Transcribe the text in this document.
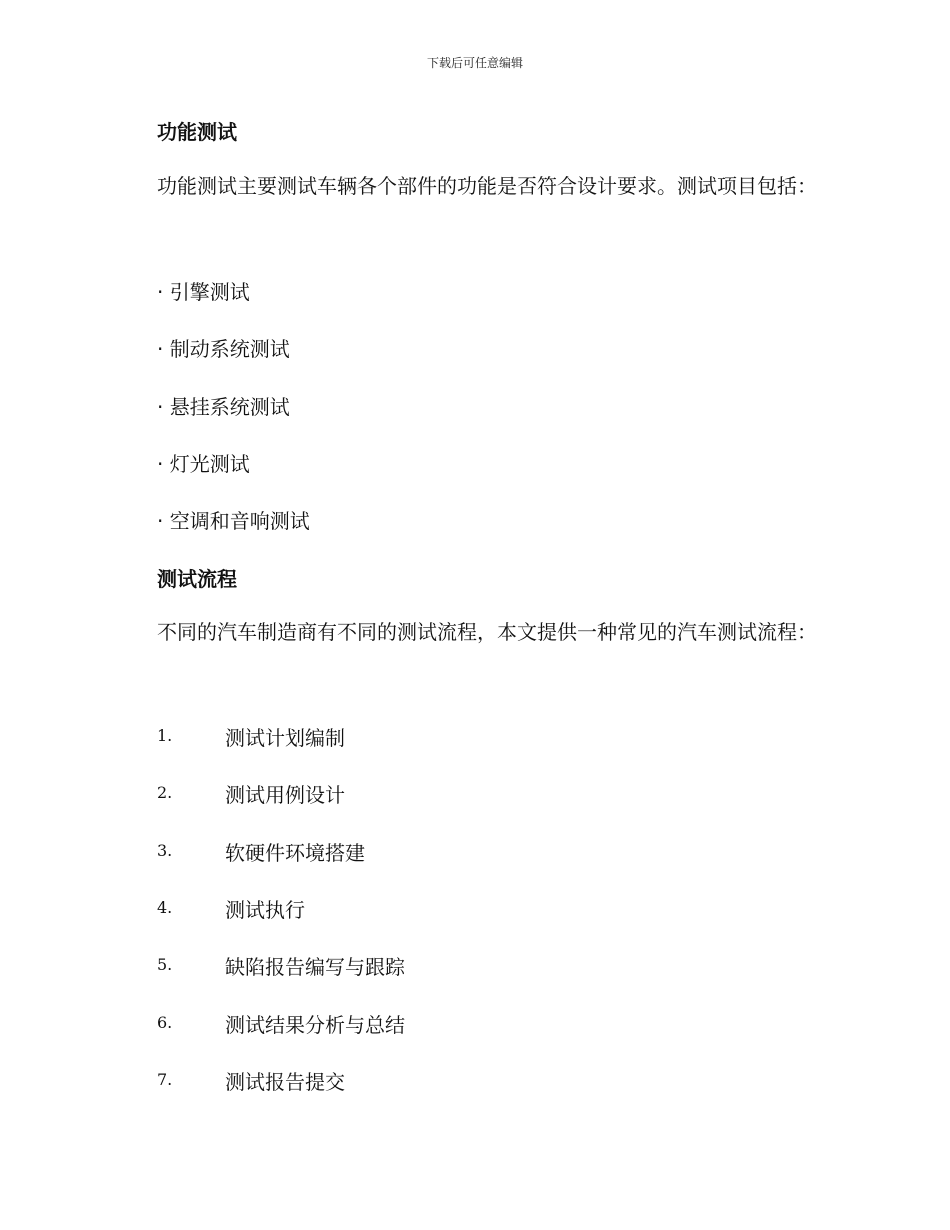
下载后可任意编辑
功能测试
功能测试主要测试车辆各个部件的功能是否符合设计要求。测试项目包括：
· 引擎测试
· 制动系统测试
· 悬挂系统测试
· 灯光测试
· 空调和音响测试
测试流程
不同的汽车制造商有不同的测试流程，本文提供一种常见的汽车测试流程：
1.	测试计划编制
2.	测试用例设计
3.	软硬件环境搭建
4.	测试执行
5.	缺陷报告编写与跟踪
6.	测试结果分析与总结
7.	测试报告提交
